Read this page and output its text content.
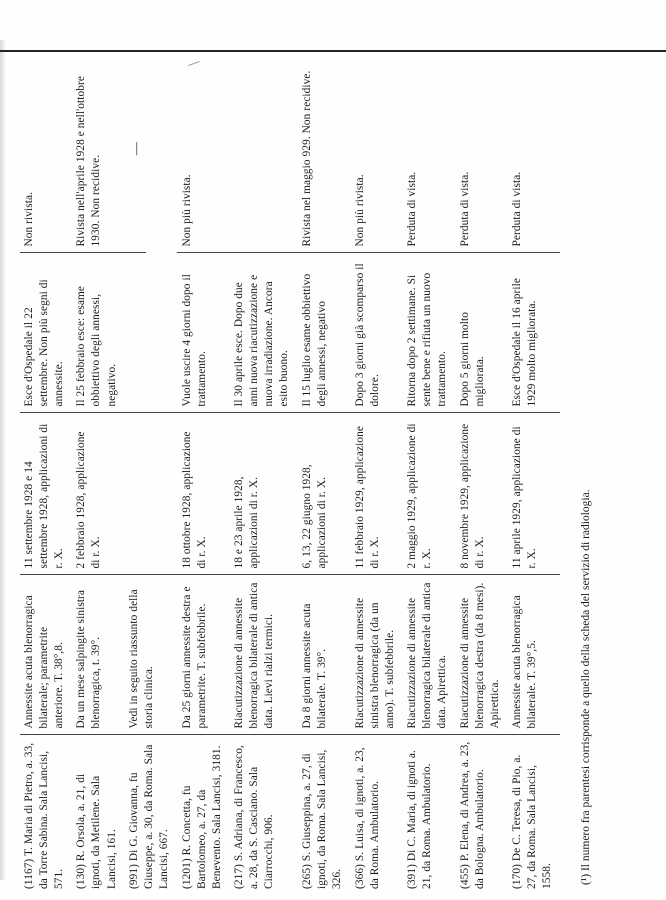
(1167) T. Maria di Pietro, a. 33, da Torre Sabina. Sala Lancisi, 571.	Annessite acuta blenorragica bilaterale; parametrite anteriore. T. 38°,8.	11 settembre 1928 e 14 settembre 1928, applicazioni di r. X.	Esce d'Ospedale il 22 settembre. Non più segni di annessite.	Non rivista.
(130) R. Orsola, a. 21, di ignoti, da Metilene. Sala Lancisi, 161.	Da un mese salpingite sinistra blenorragica, t. 39°.	2 febbraio 1928, applicazione di r. X.	Il 25 febbraio esce: esame obbiettivo degli annessi, negativo.	Rivista nell'aprile 1928 e nell'ottobre 1930. Non recidive.
(991) Di G. Giovanna, fu Giuseppe, a. 30, da Roma. Sala Lancisi, 667.	Vedi in seguito riassunto della storia clinica.			
—

(1201) R. Concetta, fu Bartolomeo, a. 27, da Benevento. Sala Lancisi, 3181.	Da 25 giorni annessite destra e parametrite. T. subfebbrile.	18 ottobre 1928, applicazione di r. X.	Vuole uscire 4 giorni dopo il trattamento.	Non più rivista.
(217) S. Adriana, di Francesco, a. 28, da S. Casciano. Sala Ciarrocchi, 906.	Riacutizzazione di annessite blenorragica bilaterale di antica data. Lievi rialzi termici.	18 e 23 aprile 1928, applicazioni di r. X.	Il 30 aprile esce. Dopo due anni nuova riacutizzazione e nuova irradiazione. Ancora esito buono.	
(265) S. Giuseppina, a. 27, di ignoti, da Roma. Sala Lancisi, 326.	Da 8 giorni annessite acuta bilaterale. T. 39°.	6, 13, 22 giugno 1928, applicazioni di r. X.	Il 15 luglio esame obbiettivo degli annessi, negativo	Rivista nel maggio 929. Non recidive.
(366) S. Luisa, di ignoti, a. 23, da Roma. Ambulatorio.	Riacutizzazione di annessite sinistra blenorragica (da un anno). T. subfebbrile.	11 febbraio 1929, applicazione di r. X.	Dopo 3 giorni già scomparso il dolore.	Non più rivista.
(391) Di C. Maria, di ignoti a. 21, da Roma. Ambulatorio.	Riacutizzazione di annessite blenorragica bilaterale di antica data. Apirettica.	2 maggio 1929, applicazione di r. X.	Ritorna dopo 2 settimane. Si sente bene e rifiuta un nuovo trattamento.	Perduta di vista.
(455) P. Elena, di Andrea, a. 23, da Bologna. Ambulatorio.	Riacutizzazione di annessite blenorragica destra (da 8 mesi). Apirettica.	8 novembre 1929, applicazione di r. X.	Dopo 5 giorni molto migliorata.	Perduta di vista.
(170) De C. Teresa, di Pio, a. 27, da Roma. Sala Lancisi, 1558.	Annessite acuta blenorragica bilaterale. T. 39°,5.	11 aprile 1929, applicazione di r. X.	Esce d'Ospedale il 16 aprile 1929 molto migliorata.	Perduta di vista.
(¹) Il numero fra parentesi corrisponde a quello della scheda del servizio di radiologia.
